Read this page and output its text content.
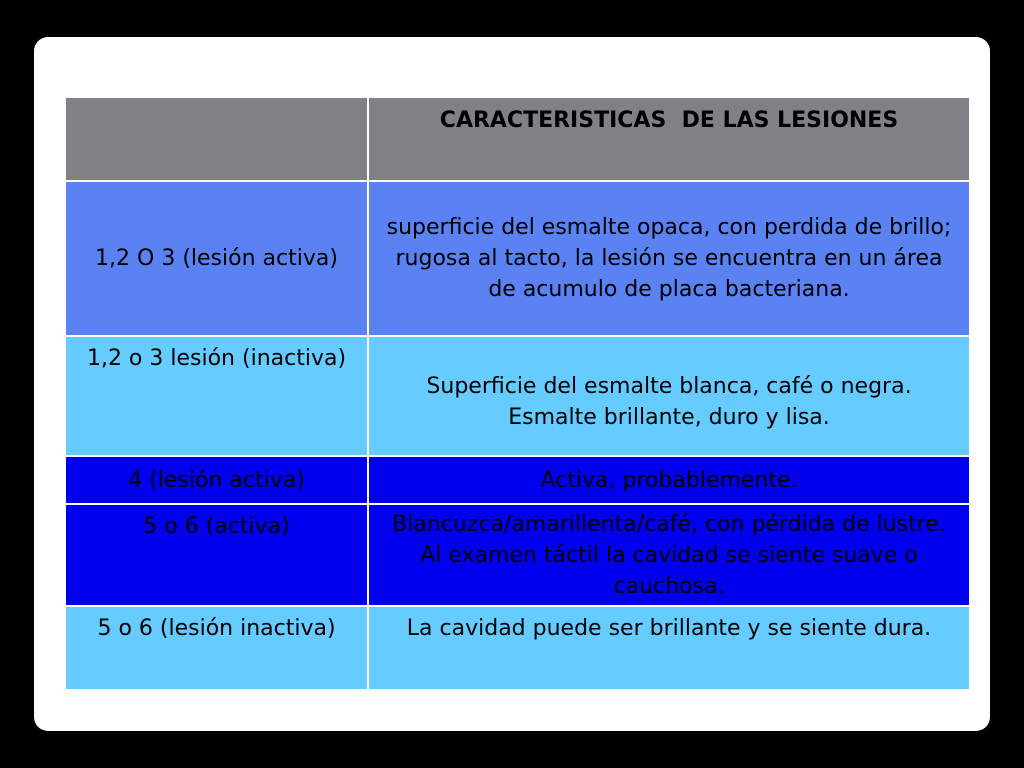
	CARACTERISTICAS  DE LAS LESIONES
1,2 O 3 (lesión activa)	superficie del esmalte opaca, con perdida de brillo; rugosa al tacto, la lesión se encuentra en un área de acumulo de placa bacteriana.
1,2 o 3 lesión (inactiva)	Superficie del esmalte blanca, café o negra. Esmalte brillante, duro y lisa.
4 (lesión activa)	Activa, probablemente.
5 o 6 (activa)	Blancuzca/amarillenta/café, con pérdida de lustre. Al examen táctil la cavidad se siente suave o cauchosa.
5 o 6 (lesión inactiva)	La cavidad puede ser brillante y se siente dura.
